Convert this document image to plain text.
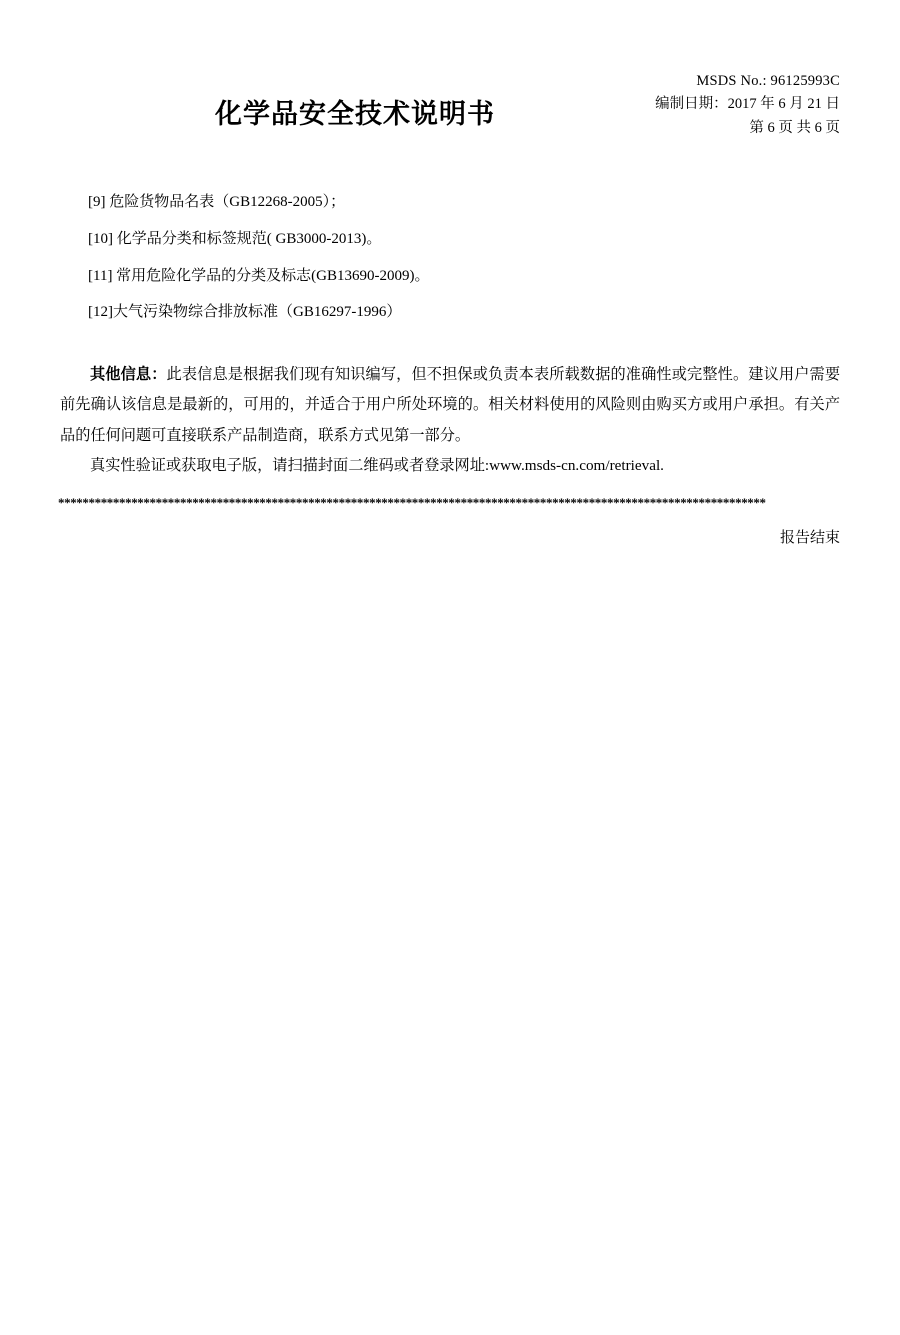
化学品安全技术说明书
MSDS No.: 96125993C
编制日期：2017 年 6 月 21 日
第 6 页 共 6 页
[9] 危险货物品名表（GB12268-2005）；
[10] 化学品分类和标签规范( GB3000-2013)。
[11] 常用危险化学品的分类及标志(GB13690-2009)。
[12]大气污染物综合排放标准（GB16297-1996）
其他信息：此表信息是根据我们现有知识编写，但不担保或负责本表所载数据的准确性或完整性。建议用户需要前先确认该信息是最新的，可用的，并适合于用户所处环境的。相关材料使用的风险则由购买方或用户承担。有关产品的任何问题可直接联系产品制造商，联系方式见第一部分。
真实性验证或获取电子版，请扫描封面二维码或者登录网址:www.msds-cn.com/retrieval.
********************************************************************************************************************
报告结束
